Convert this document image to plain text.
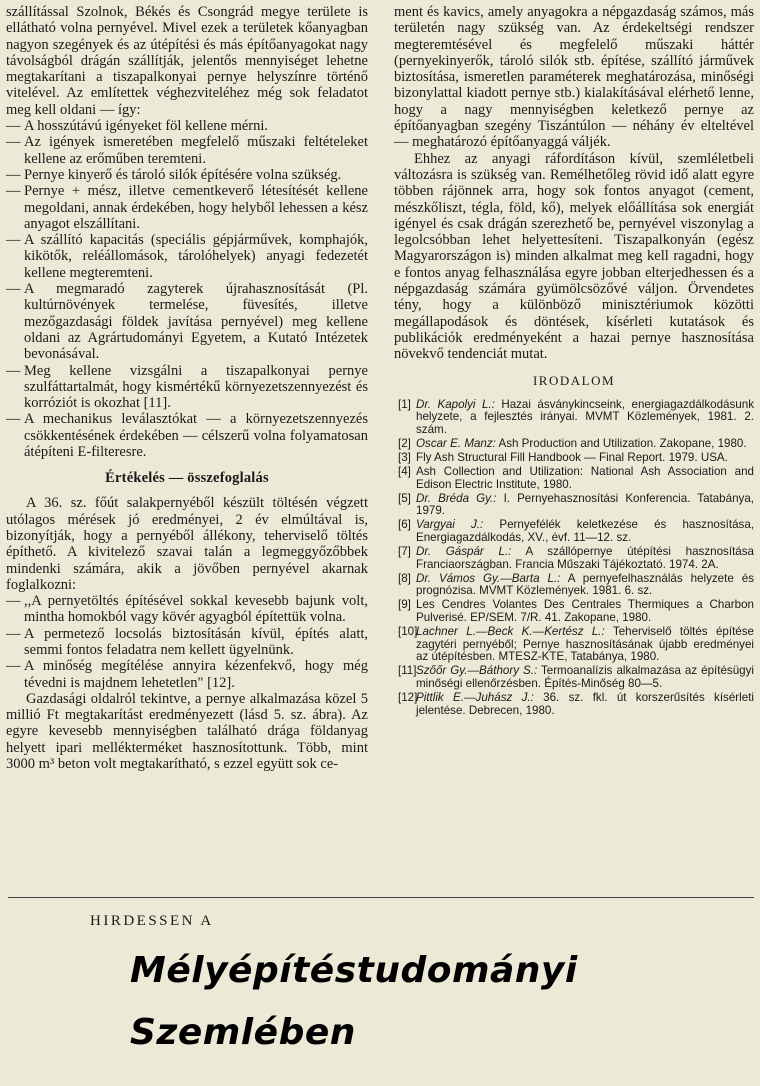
szállítással Szolnok, Békés és Csongrád megye területe is ellátható volna pernyével. Mivel ezek a területek kőanyagban nagyon szegények és az útépítési és más építőanyagokat nagy távolságból drágán szállítják, jelentős mennyiséget lehetne megtakarítani a tiszapalkonyai pernye helyszínre történő vitelével. Az említettek véghezviteléhez még sok feladatot meg kell oldani — így:

— A hosszútávú igényeket föl kellene mérni.
— Az igények ismeretében megfelelő műszaki feltételeket kellene az erőműben teremteni.
— Pernye kinyerő és tároló silók építésére volna szükség.
— Pernye + mész, illetve cementkeverő létesítését kellene megoldani, annak érdekében, hogy helyből lehessen a kész anyagot elszállítani.
— A szállító kapacitás (speciális gépjárművek, komphajók, kikötők, reléállomások, tárolóhelyek) anyagi fedezetét kellene megteremteni.
— A megmaradó zagyterek újrahasznosítását (Pl. kultúrnövények termelése, füvesítés, illetve mezőgazdasági földek javítása pernyével) meg kellene oldani az Agrártudományi Egyetem, a Kutató Intézetek bevonásával.
— Meg kellene vizsgálni a tiszapalkonyai pernye szulfáttartalmát, hogy kismértékű környezetszennyezést és korróziót is okozhat [11].
— A mechanikus leválasztókat — a környezetszennyezés csökkentésének érdekében — célszerű volna folyamatosan átépíteni E-filteresre.
Értékelés — összefoglalás

A 36. sz. főút salakpernyéből készült töltésén végzett utólagos mérések jó eredményei, 2 év elmúltával is, bizonyítják, hogy a pernyéből állékony, teherviselő töltés építhető. A kivitelező szavai talán a legmeggyőzőbbek mindenki számára, akik a jövőben pernyével akarnak foglalkozni:

— ,,A pernyetöltés építésével sokkal kevesebb bajunk volt, mintha homokból vagy kövér agyagból építettük volna.
— A permetező locsolás biztosításán kívül, építés alatt, semmi fontos feladatra nem kellett ügyelnünk.
— A minőség megítélése annyira kézenfekvő, hogy még tévedni is majdnem lehetetlen" [12].

Gazdasági oldalról tekintve, a pernye alkalmazása közel 5 millió Ft megtakarítást eredményezett (lásd 5. sz. ábra). Az egyre kevesebb mennyiségben található drága földanyag helyett ipari mellékterméket hasznosítottunk. Több, mint 3000 m³ beton volt megtakarítható, s ezzel együtt sok ce-

ment és kavics, amely anyagokra a népgazdaság számos, más területén nagy szükség van. Az érdekeltségi rendszer megteremtésével és megfelelő műszaki háttér (pernyekinyerők, tároló silók stb. építése, szállító járművek biztosítása, ismeretlen paraméterek meghatározása, minőségi bizonylattal kiadott pernye stb.) kialakításával elérhető lenne, hogy a nagy mennyiségben keletkező pernye az építőanyagban szegény Tiszántúlon — néhány év elteltével — meghatározó építőanyaggá váljék.

Ehhez az anyagi ráfordításon kívül, szemléletbeli változásra is szükség van. Remélhetőleg rövid idő alatt egyre többen rájönnek arra, hogy sok fontos anyagot (cement, mészkőliszt, tégla, föld, kő), melyek előállítása sok energiát igényel és csak drágán szerezhető be, pernyével viszonylag a legolcsóbban lehet helyettesíteni. Tiszapalkonyán (egész Magyarországon is) minden alkalmat meg kell ragadni, hogy e fontos anyag felhasználása egyre jobban elterjedhessen és a népgazdaság számára gyümölcsözővé váljon. Örvendetes tény, hogy a különböző minisztériumok közötti megállapodások és döntések, kísérleti kutatások és publikációk eredményeként a hazai pernye hasznosítása növekvő tendenciát mutat.

IRODALOM
[1] Dr. Kapolyi L.: Hazai ásványkincseink, energiagazdálkodásunk helyzete, a fejlesztés irányai. MVMT Közlemények, 1981. 2. szám.
[2] Oscar E. Manz: Ash Production and Utilization. Zakopane, 1980.
[3] Fly Ash Structural Fill Handbook — Final Report. 1979. USA.
[4] Ash Collection and Utilization: National Ash Association and Edison Electric Institute, 1980.
[5] Dr. Bréda Gy.: I. Pernyehasznosítási Konferencia. Tatabánya, 1979.
[6] Vargyai J.: Pernyefélék keletkezése és hasznosítása, Energiagazdálkodás, XV., évf. 11—12. sz.
[7] Dr. Gáspár L.: A szállópernye útépítési hasznosítása Franciaországban. Francia Műszaki Tájékoztató. 1974. 2A.
[8] Dr. Vámos Gy.—Barta L.: A pernyefelhasználás helyzete és prognózisa. MVMT Közlemények. 1981. 6. sz.
[9] Les Cendres Volantes Des Centrales Thermiques a Charbon Pulverisé. EP/SEM. 7/R. 41. Zakopane, 1980.
[10]
Lachner L.—Beck K.—Kertész L.: Teherviselő töltés építése zagytéri pernyéből; Pernye hasznosításának újabb eredményei az útépítésben. MTESZ-KTE, Tatabánya, 1980.
[11] Szőőr Gy.—Báthory S.: Termoanalízis alkalmazása az építésügyi minőségi ellenőrzésben. Építés-Minőség 80—5.
[12]
Pittlik E.—Juhász J.: 36. sz. fkl. út korszerűsítés kísérleti jelentése. Debrecen, 1980.
HIRDESSEN A
Mélyépítéstudományi
Szemlében
